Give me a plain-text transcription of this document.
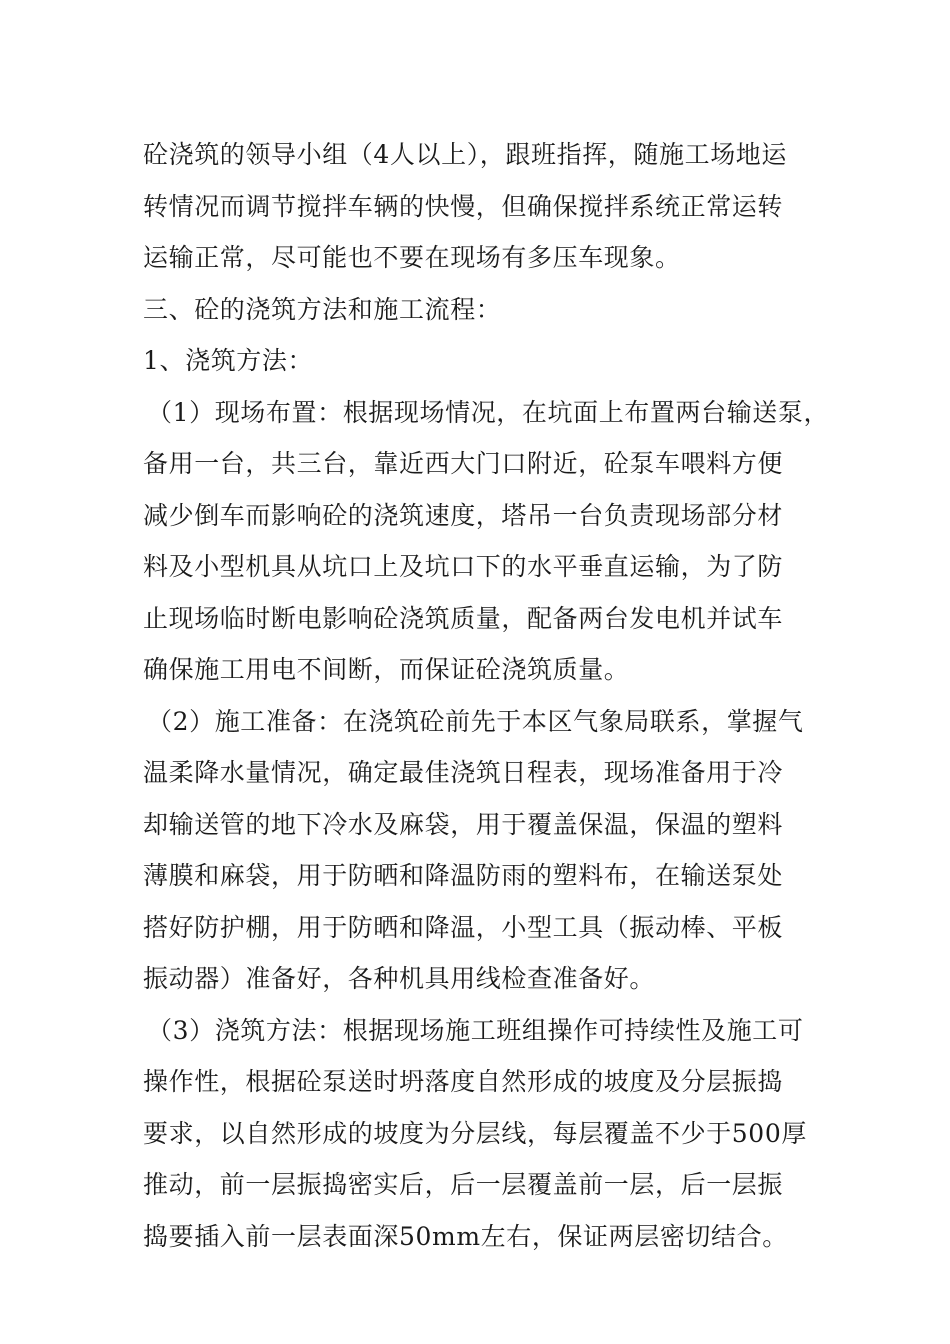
砼浇筑的领导小组（4人以上），跟班指挥，随施工场地运
转情况而调节搅拌车辆的快慢，但确保搅拌系统正常运转
运输正常，尽可能也不要在现场有多压车现象。
三、砼的浇筑方法和施工流程：
1、浇筑方法：
（1）现场布置：根据现场情况，在坑面上布置两台输送泵，
备用一台，共三台，靠近西大门口附近，砼泵车喂料方便
减少倒车而影响砼的浇筑速度，塔吊一台负责现场部分材
料及小型机具从坑口上及坑口下的水平垂直运输，为了防
止现场临时断电影响砼浇筑质量，配备两台发电机并试车
确保施工用电不间断，而保证砼浇筑质量。
（2）施工准备：在浇筑砼前先于本区气象局联系，掌握气
温柔降水量情况，确定最佳浇筑日程表，现场准备用于冷
却输送管的地下冷水及麻袋，用于覆盖保温，保温的塑料
薄膜和麻袋，用于防晒和降温防雨的塑料布，在输送泵处
搭好防护棚，用于防晒和降温，小型工具（振动棒、平板
振动器）准备好，各种机具用线检查准备好。
（3）浇筑方法：根据现场施工班组操作可持续性及施工可
操作性，根据砼泵送时坍落度自然形成的坡度及分层振捣
要求，以自然形成的坡度为分层线，每层覆盖不少于500厚
推动，前一层振捣密实后，后一层覆盖前一层，后一层振
捣要插入前一层表面深50mm左右，保证两层密切结合。
